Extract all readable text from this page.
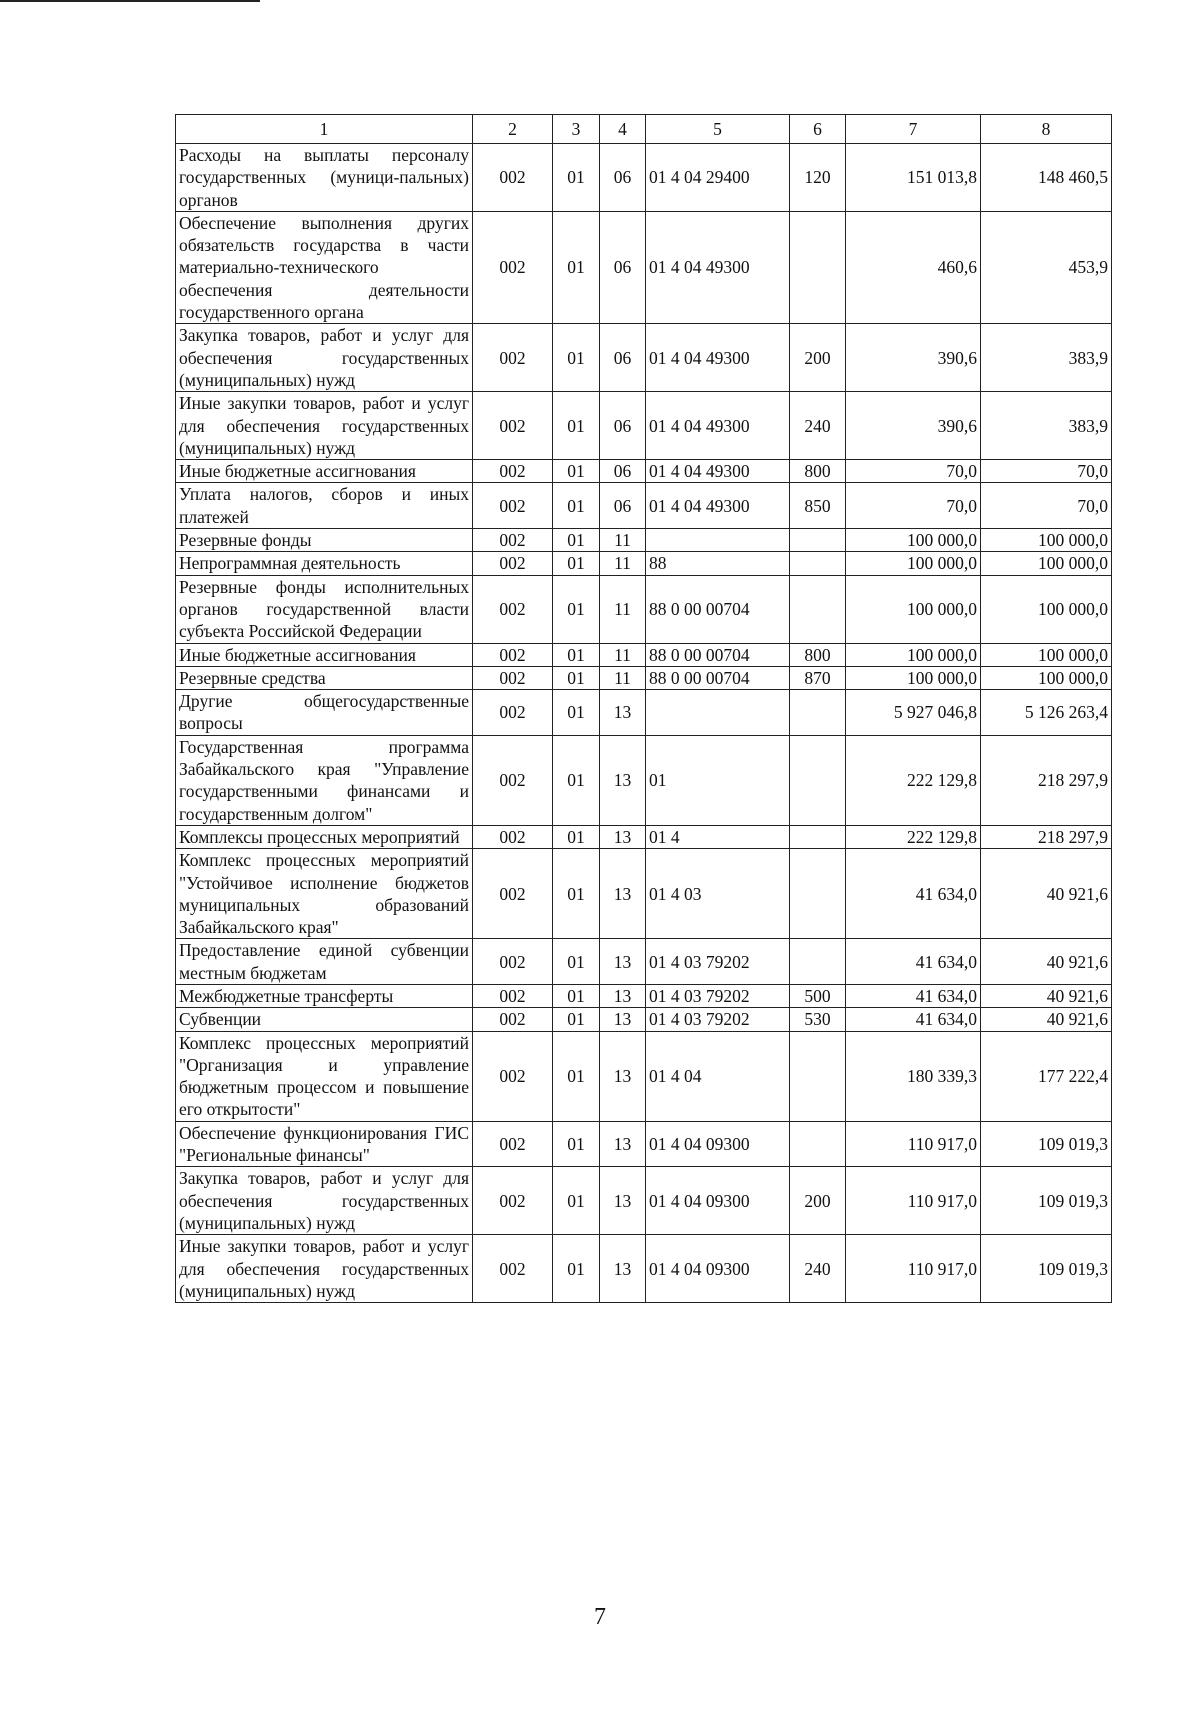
1	2	3	4	5	6	7	8
Расходы на выплаты персоналу государственных (муници-пальных) органов	002	01	06	01 4 04 29400	120	151 013,8	148 460,5
Обеспечение выполнения других обязательств государства в части материально-технического обеспечения деятельности государственного органа	002	01	06	01 4 04 49300		460,6	453,9
Закупка товаров, работ и услуг для обеспечения государственных (муниципальных) нужд	002	01	06	01 4 04 49300	200	390,6	383,9
Иные закупки товаров, работ и услуг для обеспечения государственных (муниципальных) нужд	002	01	06	01 4 04 49300	240	390,6	383,9
Иные бюджетные ассигнования	002	01	06	01 4 04 49300	800	70,0	70,0
Уплата налогов, сборов и иных платежей	002	01	06	01 4 04 49300	850	70,0	70,0
Резервные фонды	002	01	11			100 000,0	100 000,0
Непрограммная деятельность	002	01	11	88		100 000,0	100 000,0
Резервные фонды исполнительных органов государственной власти субъекта Российской Федерации	002	01	11	88 0 00 00704		100 000,0	100 000,0
Иные бюджетные ассигнования	002	01	11	88 0 00 00704	800	100 000,0	100 000,0
Резервные средства	002	01	11	88 0 00 00704	870	100 000,0	100 000,0
Другие общегосударственные вопросы	002	01	13			5 927 046,8	5 126 263,4
Государственная программа Забайкальского края "Управление государственными финансами и государственным долгом"	002	01	13	01		222 129,8	218 297,9
Комплексы процессных мероприятий	002	01	13	01 4		222 129,8	218 297,9
Комплекс процессных мероприятий "Устойчивое исполнение бюджетов муниципальных образований Забайкальского края"	002	01	13	01 4 03		41 634,0	40 921,6
Предоставление единой субвенции местным бюджетам	002	01	13	01 4 03 79202		41 634,0	40 921,6
Межбюджетные трансферты	002	01	13	01 4 03 79202	500	41 634,0	40 921,6
Субвенции	002	01	13	01 4 03 79202	530	41 634,0	40 921,6
Комплекс процессных мероприятий "Организация и управление бюджетным процессом и повышение его открытости"	002	01	13	01 4 04		180 339,3	177 222,4
Обеспечение функционирования ГИС "Региональные финансы"	002	01	13	01 4 04 09300		110 917,0	109 019,3
Закупка товаров, работ и услуг для обеспечения государственных (муниципальных) нужд	002	01	13	01 4 04 09300	200	110 917,0	109 019,3
Иные закупки товаров, работ и услуг для обеспечения государственных (муниципальных) нужд	002	01	13	01 4 04 09300	240	110 917,0	109 019,3
7
